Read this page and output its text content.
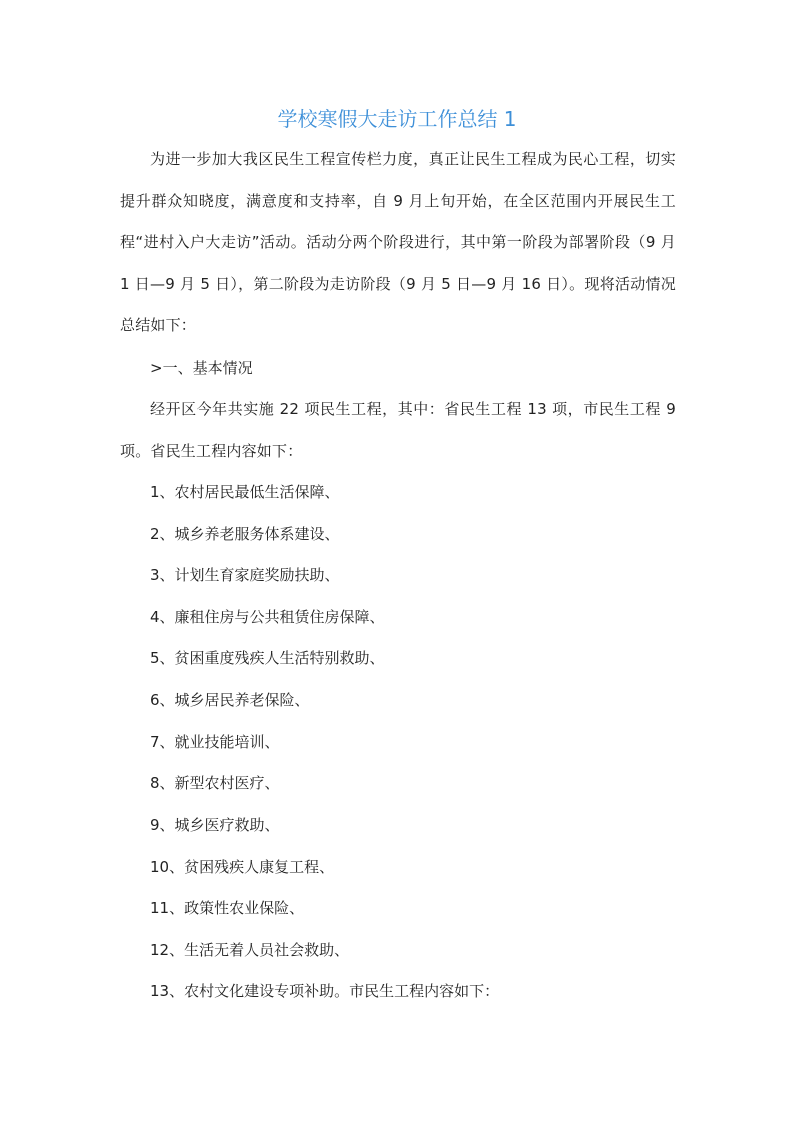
学校寒假大走访工作总结 1

为进一步加大我区民生工程宣传栏力度，真正让民生工程成为民心工程，切实提升群众知晓度，满意度和支持率，自 9 月上旬开始，在全区范围内开展民生工程“进村入户大走访”活动。活动分两个阶段进行，其中第一阶段为部署阶段（9 月 1 日—9 月 5 日），第二阶段为走访阶段（9 月 5 日—9 月 16 日）。现将活动情况总结如下：

>一、基本情况

经开区今年共实施 22 项民生工程，其中：省民生工程 13 项，市民生工程 9 项。省民生工程内容如下：

1、农村居民最低生活保障、

2、城乡养老服务体系建设、

3、计划生育家庭奖励扶助、

4、廉租住房与公共租赁住房保障、

5、贫困重度残疾人生活特别救助、

6、城乡居民养老保险、

7、就业技能培训、

8、新型农村医疗、

9、城乡医疗救助、

10、贫困残疾人康复工程、

11、政策性农业保险、

12、生活无着人员社会救助、

13、农村文化建设专项补助。市民生工程内容如下：
